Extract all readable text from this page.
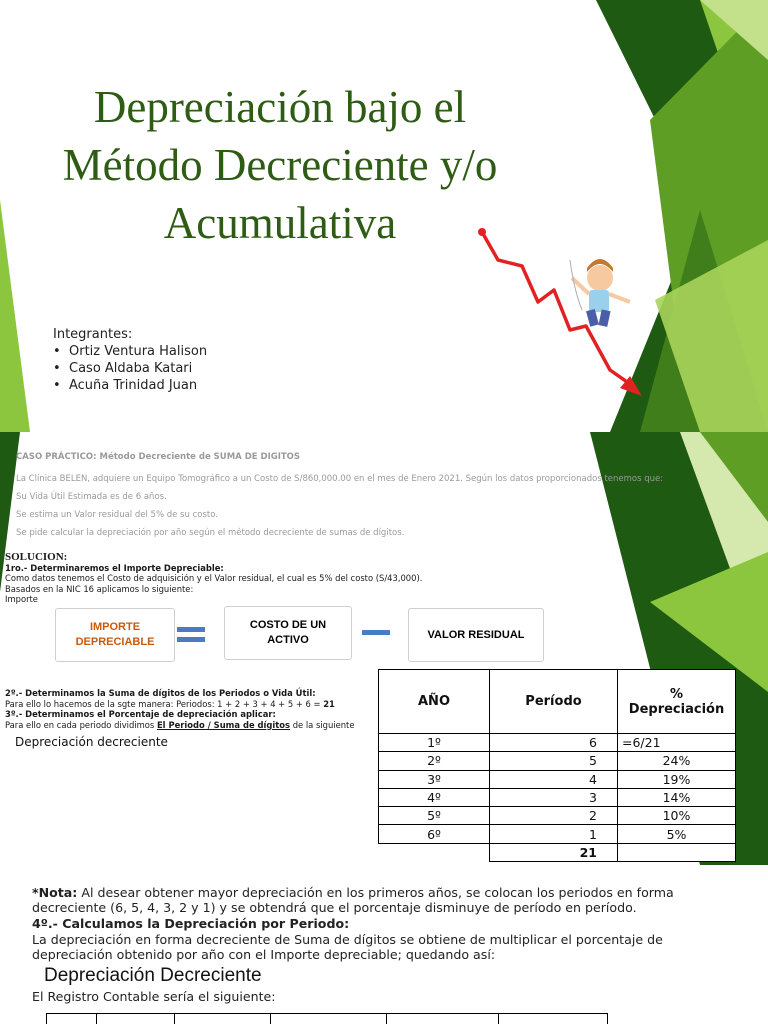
Depreciación bajo el Método Decreciente y/o Acumulativa
Integrantes:
• Ortiz Ventura Halison
• Caso Aldaba Katari
• Acuña Trinidad Juan
CASO PRÁCTICO: Método Decreciente de SUMA DE DIGITOS
La Clínica BELEN, adquiere un Equipo Tomográfico a un Costo de S/860,000.00 en el mes de Enero 2021. Según los datos proporcionados tenemos que:
Su Vida Útil Estimada es de 6 años.
Se estima un Valor residual del 5% de su costo.
Se pide calcular la depreciación por año según el método decreciente de sumas de dígitos.
SOLUCION:
1ro.- Determinaremos el Importe Depreciable:
Como datos tenemos el Costo de adquisición y el Valor residual, el cual es 5% del costo (S/43,000).
Basados en la NIC 16 aplicamos lo siguiente:
Importe
IMPORTE DEPRECIABLE
COSTO DE UN ACTIVO	VALOR RESIDUAL
2º.- Determinamos la Suma de dígitos de los Periodos o Vida Útil:
Para ello lo hacemos de la sgte manera: Periodos: 1 + 2 + 3 + 4 + 5 + 6 = 21
3º.- Determinamos el Porcentaje de depreciación aplicar:
Para ello en cada periodo dividimos El Periodo / Suma de dígitos de la siguiente
Depreciación decreciente
AÑO	Período	% Depreciación
1º	6	=6/21
2º	5	24%
3º	4	19%
4º	3	14%
5º	2	10%
6º	1	5%
	21	
*Nota: Al desear obtener mayor depreciación en los primeros años, se colocan los periodos en forma decreciente (6, 5, 4, 3, 2 y 1) y se obtendrá que el porcentaje disminuye de período en período.
4º.- Calculamos la Depreciación por Periodo:
La depreciación en forma decreciente de Suma de dígitos se obtiene de multiplicar el porcentaje de depreciación obtenido por año con el Importe depreciable; quedando así:
Depreciación Decreciente
El Registro Contable sería el siguiente:
